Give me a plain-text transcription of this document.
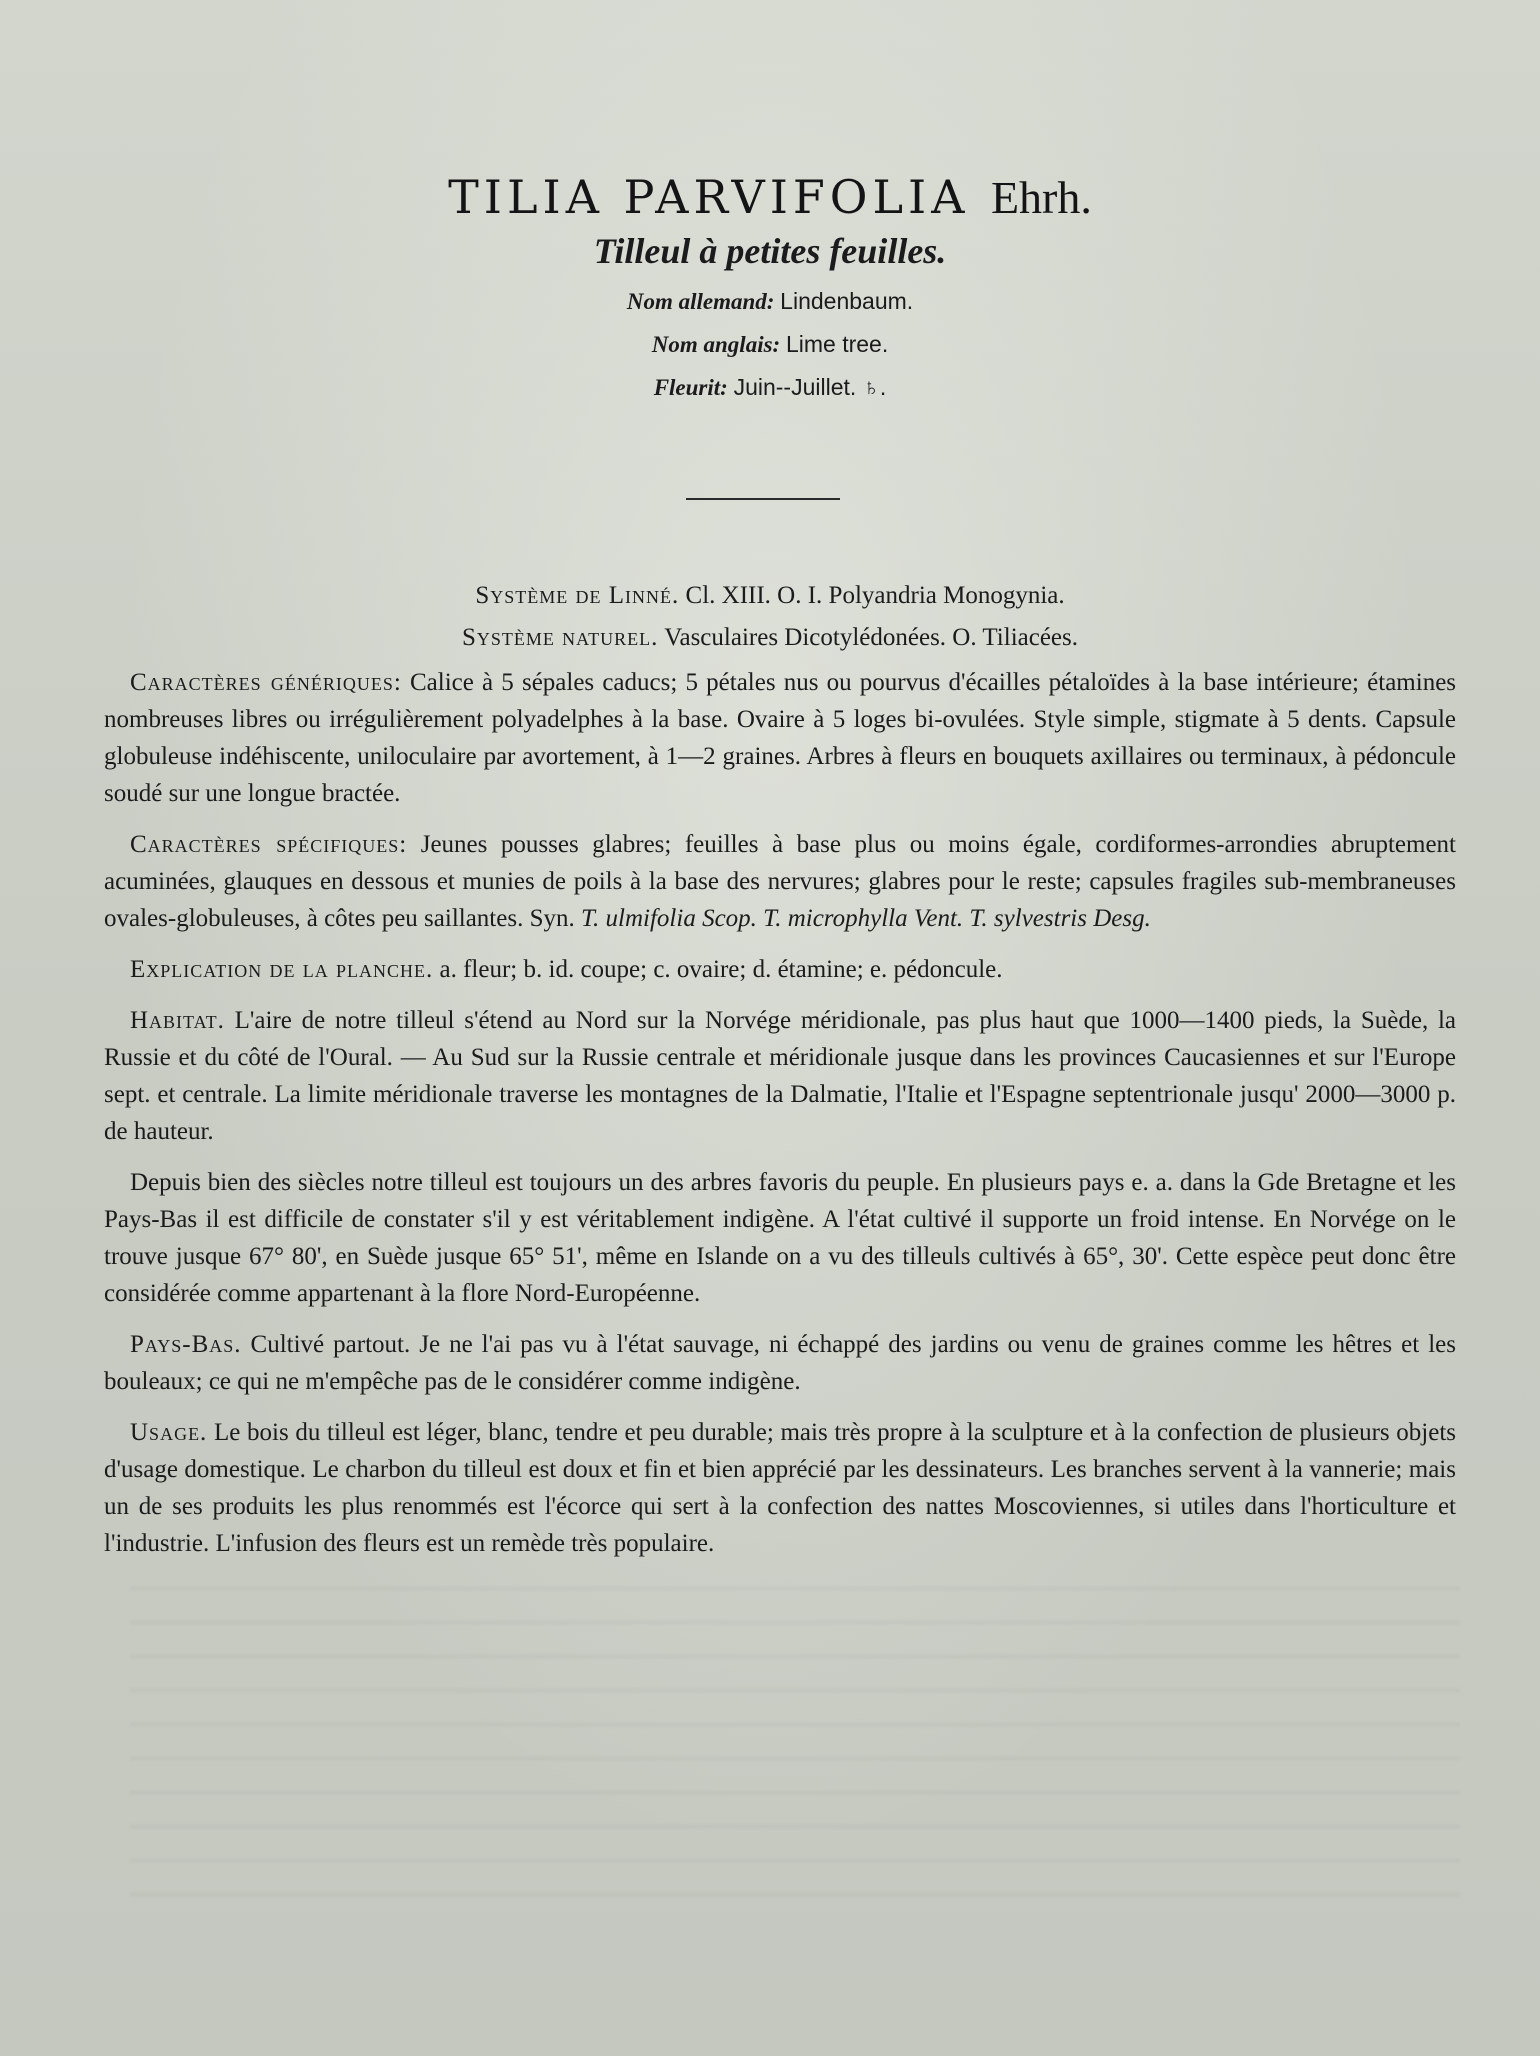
TILIA PARVIFOLIA Ehrh.
Tilleul à petites feuilles.
Nom allemand: Lindenbaum.
Nom anglais: Lime tree.
Fleurit: Juin--Juillet. ♄.
Système de Linné. Cl. XIII. O. I. Polyandria Monogynia.
Système naturel. Vasculaires Dicotylédonées. O. Tiliacées.

Caractères génériques: Calice à 5 sépales caducs; 5 pétales nus ou pourvus d'écailles pétaloïdes à la base intérieure; étamines nombreuses libres ou irrégulièrement polyadelphes à la base. Ovaire à 5 loges bi-ovulées. Style simple, stigmate à 5 dents. Capsule globuleuse indéhiscente, uniloculaire par avortement, à 1—2 graines. Arbres à fleurs en bouquets axillaires ou terminaux, à pédoncule soudé sur une longue bractée.

Caractères spécifiques: Jeunes pousses glabres; feuilles à base plus ou moins égale, cordiformes-arrondies abruptement acuminées, glauques en dessous et munies de poils à la base des nervures; glabres pour le reste; capsules fragiles sub-membraneuses ovales-globuleuses, à côtes peu saillantes. Syn. T. ulmifolia Scop. T. microphylla Vent. T. sylvestris Desg.

Explication de la planche. a. fleur; b. id. coupe; c. ovaire; d. étamine; e. pédoncule.

Habitat. L'aire de notre tilleul s'étend au Nord sur la Norvége méridionale, pas plus haut que 1000—1400 pieds, la Suède, la Russie et du côté de l'Oural. — Au Sud sur la Russie centrale et méridionale jusque dans les provinces Caucasiennes et sur l'Europe sept. et centrale. La limite méridionale traverse les montagnes de la Dalmatie, l'Italie et l'Espagne septentrionale jusqu' 2000—3000 p. de hauteur.

Depuis bien des siècles notre tilleul est toujours un des arbres favoris du peuple. En plusieurs pays e. a. dans la Gde Bretagne et les Pays-Bas il est difficile de constater s'il y est véritablement indigène. A l'état cultivé il supporte un froid intense. En Norvége on le trouve jusque 67° 80', en Suède jusque 65° 51', même en Islande on a vu des tilleuls cultivés à 65°, 30'. Cette espèce peut donc être considérée comme appartenant à la flore Nord-Européenne.

Pays-Bas. Cultivé partout. Je ne l'ai pas vu à l'état sauvage, ni échappé des jardins ou venu de graines comme les hêtres et les bouleaux; ce qui ne m'empêche pas de le considérer comme indigène.

Usage. Le bois du tilleul est léger, blanc, tendre et peu durable; mais très propre à la sculpture et à la confection de plusieurs objets d'usage domestique. Le charbon du tilleul est doux et fin et bien apprécié par les dessinateurs. Les branches servent à la vannerie; mais un de ses produits les plus renommés est l'écorce qui sert à la confection des nattes Moscoviennes, si utiles dans l'horticulture et l'industrie. L'infusion des fleurs est un remède très populaire.
